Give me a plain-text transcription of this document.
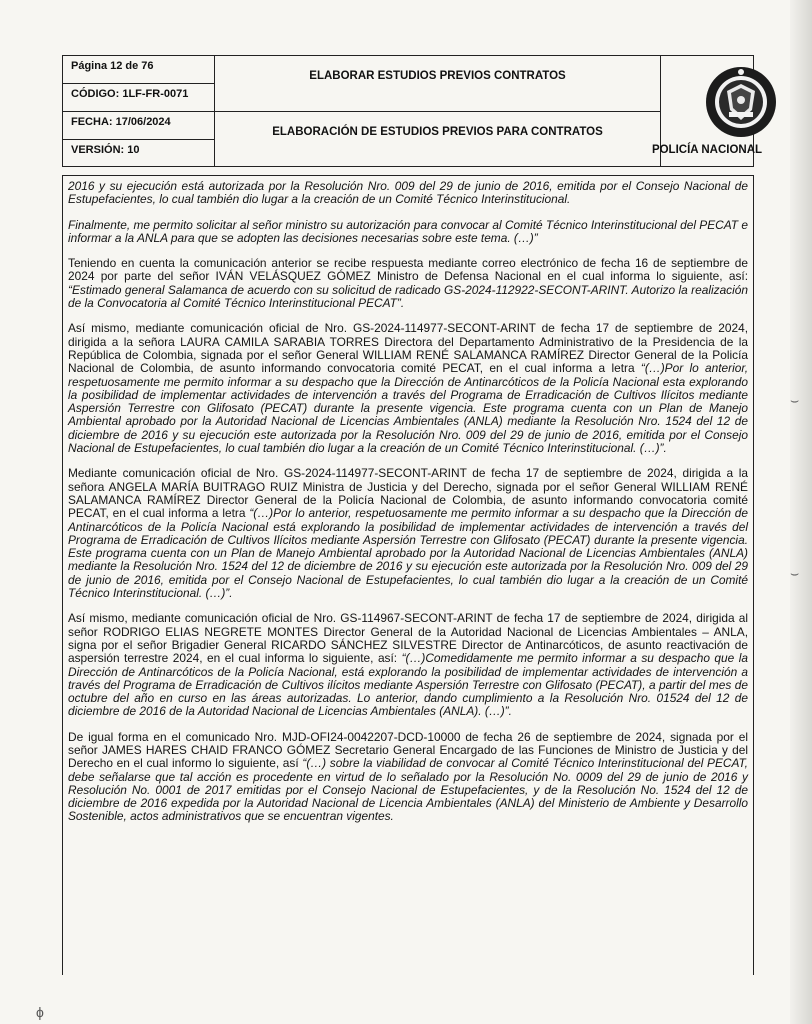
Página 12 de 76
CÓDIGO: 1LF-FR-0071
FECHA: 17/06/2024
VERSIÓN: 10
ELABORAR ESTUDIOS PREVIOS CONTRATOS
ELABORACIÓN DE ESTUDIOS PREVIOS PARA CONTRATOS
POLICÍA NACIONAL

2016 y su ejecución está autorizada por la Resolución Nro. 009 del 29 de junio de 2016, emitida por el Consejo Nacional de Estupefacientes, lo cual también dio lugar a la creación de un Comité Técnico Interinstitucional.

Finalmente, me permito solicitar al señor ministro su autorización para convocar al Comité Técnico Interinstitucional del PECAT e informar a la ANLA para que se adopten las decisiones necesarias sobre este tema. (…)”

Teniendo en cuenta la comunicación anterior se recibe respuesta mediante correo electrónico de fecha 16 de septiembre de 2024 por parte del señor IVÁN VELÁSQUEZ GÓMEZ Ministro de Defensa Nacional en el cual informa lo siguiente, así: “Estimado general Salamanca de acuerdo con su solicitud de radicado GS-2024-112922-SECONT-ARINT. Autorizo la realización de la Convocatoria al Comité Técnico Interinstitucional PECAT”.

Así mismo, mediante comunicación oficial de Nro. GS-2024-114977-SECONT-ARINT de fecha 17 de septiembre de 2024, dirigida a la señora LAURA CAMILA SARABIA TORRES Directora del Departamento Administrativo de la Presidencia de la República de Colombia, signada por el señor General WILLIAM RENÉ SALAMANCA RAMÍREZ Director General de la Policía Nacional de Colombia, de asunto informando convocatoria comité PECAT, en el cual informa a letra “(…)Por lo anterior, respetuosamente me permito informar a su despacho que la Dirección de Antinarcóticos de la Policía Nacional esta explorando la posibilidad de implementar actividades de intervención a través del Programa de Erradicación de Cultivos Ilícitos mediante Aspersión Terrestre con Glifosato (PECAT) durante la presente vigencia. Este programa cuenta con un Plan de Manejo Ambiental aprobado por la Autoridad Nacional de Licencias Ambientales (ANLA) mediante la Resolución Nro. 1524 del 12 de diciembre de 2016 y su ejecución este autorizada por la Resolución Nro. 009 del 29 de junio de 2016, emitida por el Consejo Nacional de Estupefacientes, lo cual también dio lugar a la creación de un Comité Técnico Interinstitucional. (…)”.

Mediante comunicación oficial de Nro. GS-2024-114977-SECONT-ARINT de fecha 17 de septiembre de 2024, dirigida a la señora ANGELA MARÍA BUITRAGO RUIZ Ministra de Justicia y del Derecho, signada por el señor General WILLIAM RENÉ SALAMANCA RAMÍREZ Director General de la Policía Nacional de Colombia, de asunto informando convocatoria comité PECAT, en el cual informa a letra “(…)Por lo anterior, respetuosamente me permito informar a su despacho que la Dirección de Antinarcóticos de la Policía Nacional está explorando la posibilidad de implementar actividades de intervención a través del Programa de Erradicación de Cultivos Ilícitos mediante Aspersión Terrestre con Glifosato (PECAT) durante la presente vigencia. Este programa cuenta con un Plan de Manejo Ambiental aprobado por la Autoridad Nacional de Licencias Ambientales (ANLA) mediante la Resolución Nro. 1524 del 12 de diciembre de 2016 y su ejecución este autorizada por la Resolución Nro. 009 del 29 de junio de 2016, emitida por el Consejo Nacional de Estupefacientes, lo cual también dio lugar a la creación de un Comité Técnico Interinstitucional. (…)”.

Así mismo, mediante comunicación oficial de Nro. GS-114967-SECONT-ARINT de fecha 17 de septiembre de 2024, dirigida al señor RODRIGO ELIAS NEGRETE MONTES Director General de la Autoridad Nacional de Licencias Ambientales – ANLA, signa por el señor Brigadier General RICARDO SÁNCHEZ SILVESTRE Director de Antinarcóticos, de asunto reactivación de aspersión terrestre 2024, en el cual informa lo siguiente, así: “(…)Comedidamente me permito informar a su despacho que la Dirección de Antinarcóticos de la Policía Nacional, está explorando la posibilidad de implementar actividades de intervención a través del Programa de Erradicación de Cultivos ilícitos mediante Aspersión Terrestre con Glifosato (PECAT), a partir del mes de octubre del año en curso en las áreas autorizadas. Lo anterior, dando cumplimiento a la Resolución Nro. 01524 del 12 de diciembre de 2016 de la Autoridad Nacional de Licencias Ambientales (ANLA). (…)”.

De igual forma en el comunicado Nro. MJD-OFI24-0042207-DCD-10000 de fecha 26 de septiembre de 2024, signada por el señor JAMES HARES CHAID FRANCO GÓMEZ Secretario General Encargado de las Funciones de Ministro de Justicia y del Derecho en el cual informo lo siguiente, así “(…) sobre la viabilidad de convocar al Comité Técnico Interinstitucional del PECAT, debe señalarse que tal acción es procedente en virtud de lo señalado por la Resolución No. 0009 del 29 de junio de 2016 y Resolución No. 0001 de 2017 emitidas por el Consejo Nacional de Estupefacientes, y de la Resolución No. 1524 del 12 de diciembre de 2016 expedida por la Autoridad Nacional de Licencia Ambientales (ANLA) del Ministerio de Ambiente y Desarrollo Sostenible, actos administrativos que se encuentran vigentes.

⌣
⌣
ϕ
